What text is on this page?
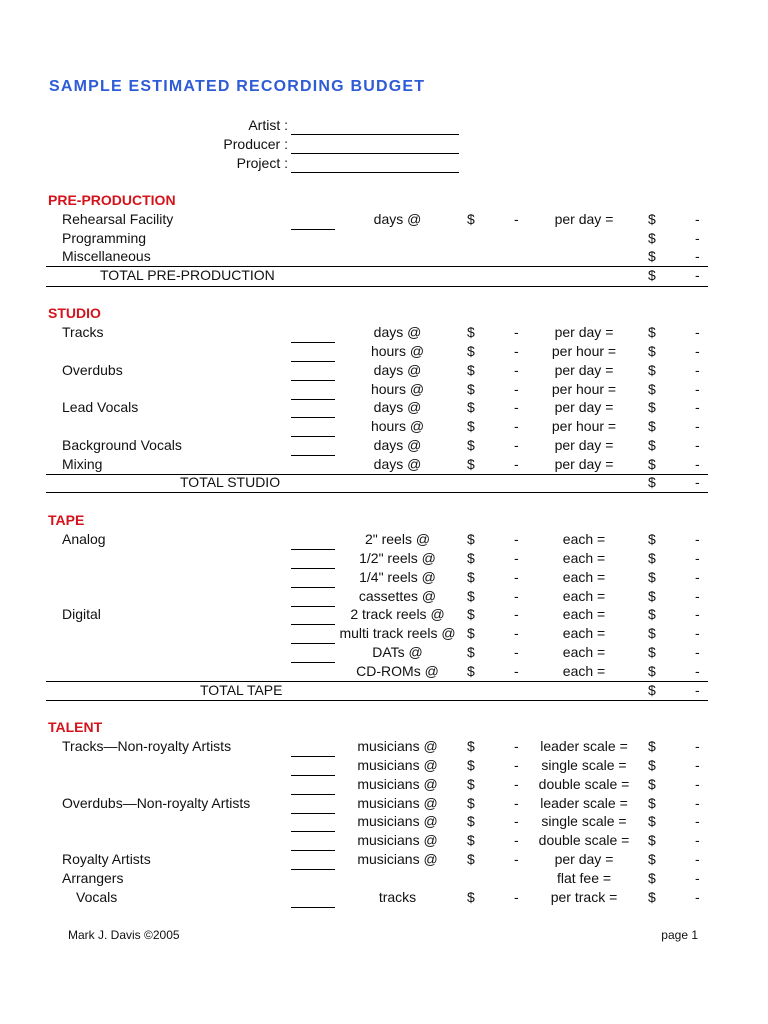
SAMPLE ESTIMATED RECORDING BUDGET
Artist :
Producer :
Project :
PRE-PRODUCTION
Rehearsal Facility	days @	$	-	per day =	$	-
Programming	$	-
Miscellaneous	$	-
TOTAL PRE-PRODUCTION	$	-
STUDIO
Tracks	days @	$	-	per day =	$	-
hours @	$	-	per hour =	$	-
Overdubs	days @	$	-	per day =	$	-
hours @	$	-	per hour =	$	-
Lead Vocals	days @	$	-	per day =	$	-
hours @	$	-	per hour =	$	-
Background Vocals	days @	$	-	per day =	$	-
Mixing	days @	$	-	per day =	$	-
TOTAL STUDIO	$	-
TAPE
Analog	2" reels @	$	-	each =	$	-
1/2" reels @	$	-	each =	$	-
1/4" reels @	$	-	each =	$	-
cassettes @	$	-	each =	$	-
Digital	2 track reels @	$	-	each =	$	-
multi track reels @ $	-	each =	$	-
DATs @	$	-	each =	$	-
CD-ROMs @	$	-	each =	$	-
TOTAL TAPE	$	-
TALENT
Tracks—Non-royalty Artists	musicians @	$	-	leader scale =	$	-
musicians @	$	-	single scale =	$	-
musicians @	$	-	double scale =	$	-
Overdubs—Non-royalty Artists	musicians @	$	-	leader scale =	$	-
musicians @	$	-	single scale =	$	-
musicians @	$	-	double scale =	$	-
Royalty Artists	musicians @	$	-	per day =	$	-
Arrangers	flat fee =	$	-
Vocals	tracks	$	-	per track =	$	-
Mark J. Davis ©2005	page 1
